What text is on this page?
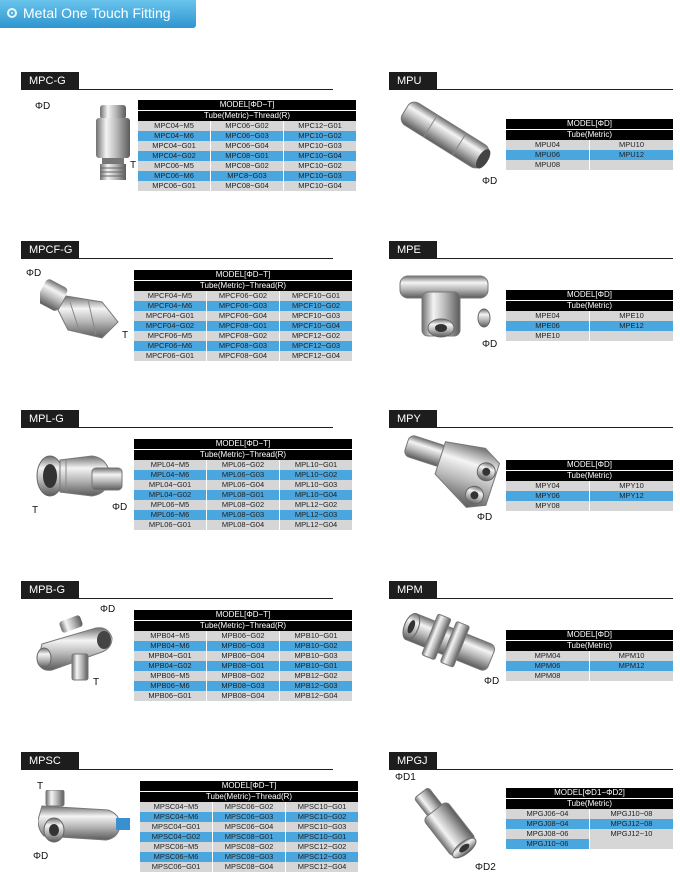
Metal One Touch Fitting
MPC-G
ΦD
T
MODEL[ΦD−T]		
Tube(Metric)−Thread(R)		
MPC04−M5	MPC06−G02	MPC12−G01
MPC04−M6	MPC06−G03	MPC10−G02
MPC04−G01	MPC06−G04	MPC10−G03
MPC04−G02	MPC08−G01	MPC10−G04
MPC06−M5	MPC08−G02	MPC10−G02
MPC06−M6	MPC8−G03	MPC10−G03
MPC06−G01	MPC08−G04	MPC10−G04
MPCF-G
ΦD
T
MODEL[ΦD−T]		
Tube(Metric)−Thread(R)		
MPCF04−M5	MPCF06−G02	MPCF10−G01
MPCF04−M6	MPCF06−G03	MPCF10−G02
MPCF04−G01	MPCF06−G04	MPCF10−G03
MPCF04−G02	MPCF08−G01	MPCF10−G04
MPCF06−M5	MPCF08−G02	MPCF12−G02
MPCF06−M6	MPCF08−G03	MPCF12−G03
MPCF06−G01	MPCF08−G04	MPCF12−G04
MPL-G
T	ΦD
MODEL[ΦD−T]		
Tube(Metric)−Thread(R)		
MPL04−M5	MPL06−G02	MPL10−G01
MPL04−M6	MPL06−G03	MPL10−G02
MPL04−G01	MPL06−G04	MPL10−G03
MPL04−G02	MPL08−G01	MPL10−G04
MPL06−M5	MPL08−G02	MPL12−G02
MPL06−M6	MPL08−G03	MPL12−G03
MPL06−G01	MPL08−G04	MPL12−G04
MPB-G
ΦD
T
MODEL[ΦD−T]		
Tube(Metric)−Thread(R)		
MPB04−M5	MPB06−G02	MPB10−G01
MPB04−M6	MPB06−G03	MPB10−G02
MPB04−G01	MPB06−G04	MPB10−G03
MPB04−G02	MPB08−G01	MPB10−G01
MPB06−M5	MPB08−G02	MPB12−G02
MPB06−M6	MPB08−G03	MPB12−G03
MPB06−G01	MPB08−G04	MPB12−G04
MPSC
T
ΦD
MODEL[ΦD−T]		
Tube(Metric)−Thread(R)		
MPSC04−M5	MPSC06−G02	MPSC10−G01
MPSC04−M6	MPSC06−G03	MPSC10−G02
MPSC04−G01	MPSC06−G04	MPSC10−G03
MPSC04−G02	MPSC08−G01	MPSC10−G01
MPSC06−M5	MPSC08−G02	MPSC12−G02
MPSC06−M6	MPSC08−G03	MPSC12−G03
MPSC06−G01	MPSC08−G04	MPSC12−G04
MPU
ΦD
MODEL[ΦD]	
Tube(Metric)	
MPU04	MPU10
MPU06	MPU12
MPU08	
MPE
ΦD
MODEL[ΦD]	
Tube(Metric)	
MPE04	MPE10
MPE06	MPE12
MPE10	
MPY
ΦD
MODEL[ΦD]	
Tube(Metric)	
MPY04	MPY10
MPY06	MPY12
MPY08	
MPM
ΦD
MODEL[ΦD]	
Tube(Metric)	
MPM04	MPM10
MPM06	MPM12
MPM08	
MPGJ
ΦD1
ΦD2
MODEL[ΦD1−ΦD2]	
Tube(Metric)	
MPGJ06−04	MPGJ10−08
MPGJ08−04	MPGJ12−08
MPGJ08−06	MPGJ12−10
MPGJ10−06	
